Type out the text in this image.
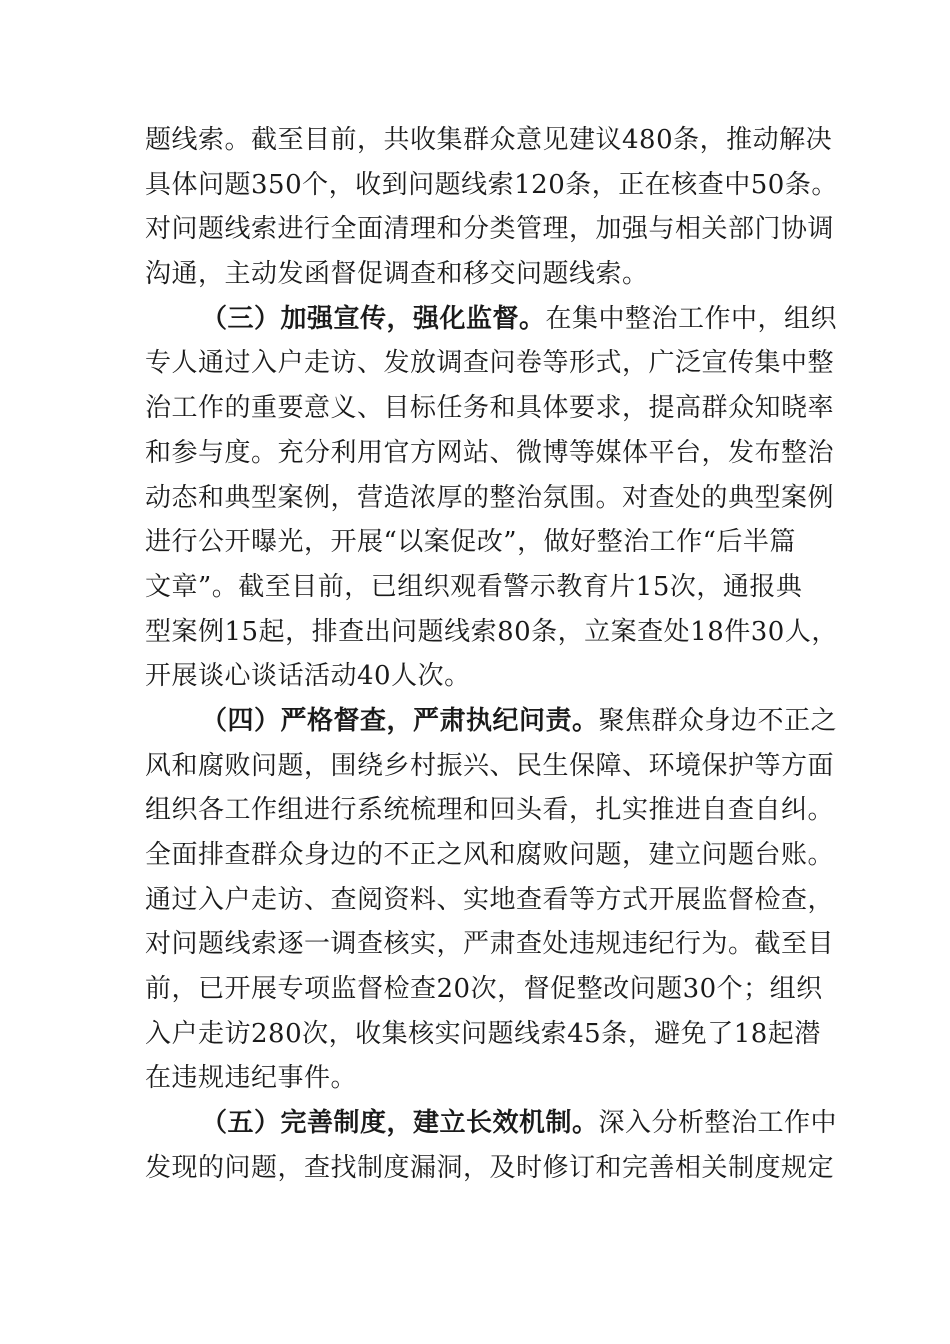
题线索。截至目前，共收集群众意见建议480条，推动解决
具体问题350个，收到问题线索120条，正在核查中50条。
对问题线索进行全面清理和分类管理，加强与相关部门协调
沟通，主动发函督促调查和移交问题线索。
（三）加强宣传，强化监督。在集中整治工作中，组织
专人通过入户走访、发放调查问卷等形式，广泛宣传集中整
治工作的重要意义、目标任务和具体要求，提高群众知晓率
和参与度。充分利用官方网站、微博等媒体平台，发布整治
动态和典型案例，营造浓厚的整治氛围。对查处的典型案例
进行公开曝光，开展“以案促改”，做好整治工作“后半篇
文章”。截至目前，已组织观看警示教育片15次，通报典
型案例15起，排查出问题线索80条，立案查处18件30人，
开展谈心谈话活动40人次。
（四）严格督查，严肃执纪问责。聚焦群众身边不正之
风和腐败问题，围绕乡村振兴、民生保障、环境保护等方面
组织各工作组进行系统梳理和回头看，扎实推进自查自纠。
全面排查群众身边的不正之风和腐败问题，建立问题台账。
通过入户走访、查阅资料、实地查看等方式开展监督检查，
对问题线索逐一调查核实，严肃查处违规违纪行为。截至目
前，已开展专项监督检查20次，督促整改问题30个；组织
入户走访280次，收集核实问题线索45条，避免了18起潜
在违规违纪事件。
（五）完善制度，建立长效机制。深入分析整治工作中
发现的问题，查找制度漏洞，及时修订和完善相关制度规定
